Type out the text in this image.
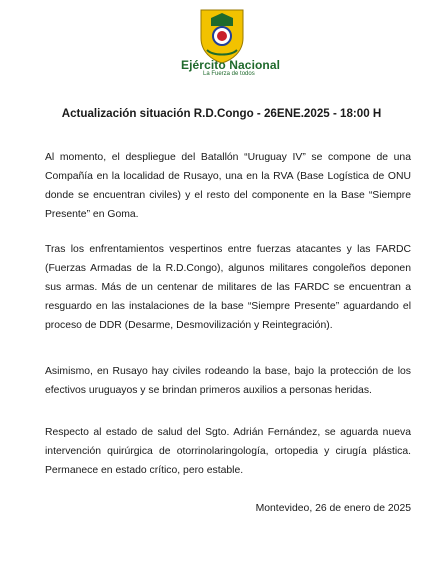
Ejército Nacional
La Fuerza de todos
Actualización situación R.D.Congo - 26ENE.2025 - 18:00 H
Al momento, el despliegue del Batallón “Uruguay IV” se compone de una Compañía en la localidad de Rusayo, una en la RVA (Base Logística de ONU donde se encuentran civiles) y el resto del componente en la Base “Siempre Presente” en Goma.
Tras los enfrentamientos vespertinos entre fuerzas atacantes y las FARDC (Fuerzas Armadas de la R.D.Congo), algunos militares congoleños deponen sus armas. Más de un centenar de militares de las FARDC se encuentran a resguardo en las instalaciones de la base “Siempre Presente” aguardando el proceso de DDR (Desarme, Desmovilización y Reintegración).
Asimismo, en Rusayo hay civiles rodeando la base, bajo la protección de los efectivos uruguayos y se brindan primeros auxilios a personas heridas.
Respecto al estado de salud del Sgto. Adrián Fernández, se aguarda nueva intervención quirúrgica de otorrinolaringología, ortopedia y cirugía plástica. Permanece en estado crítico, pero estable.
Montevideo, 26 de enero de 2025
